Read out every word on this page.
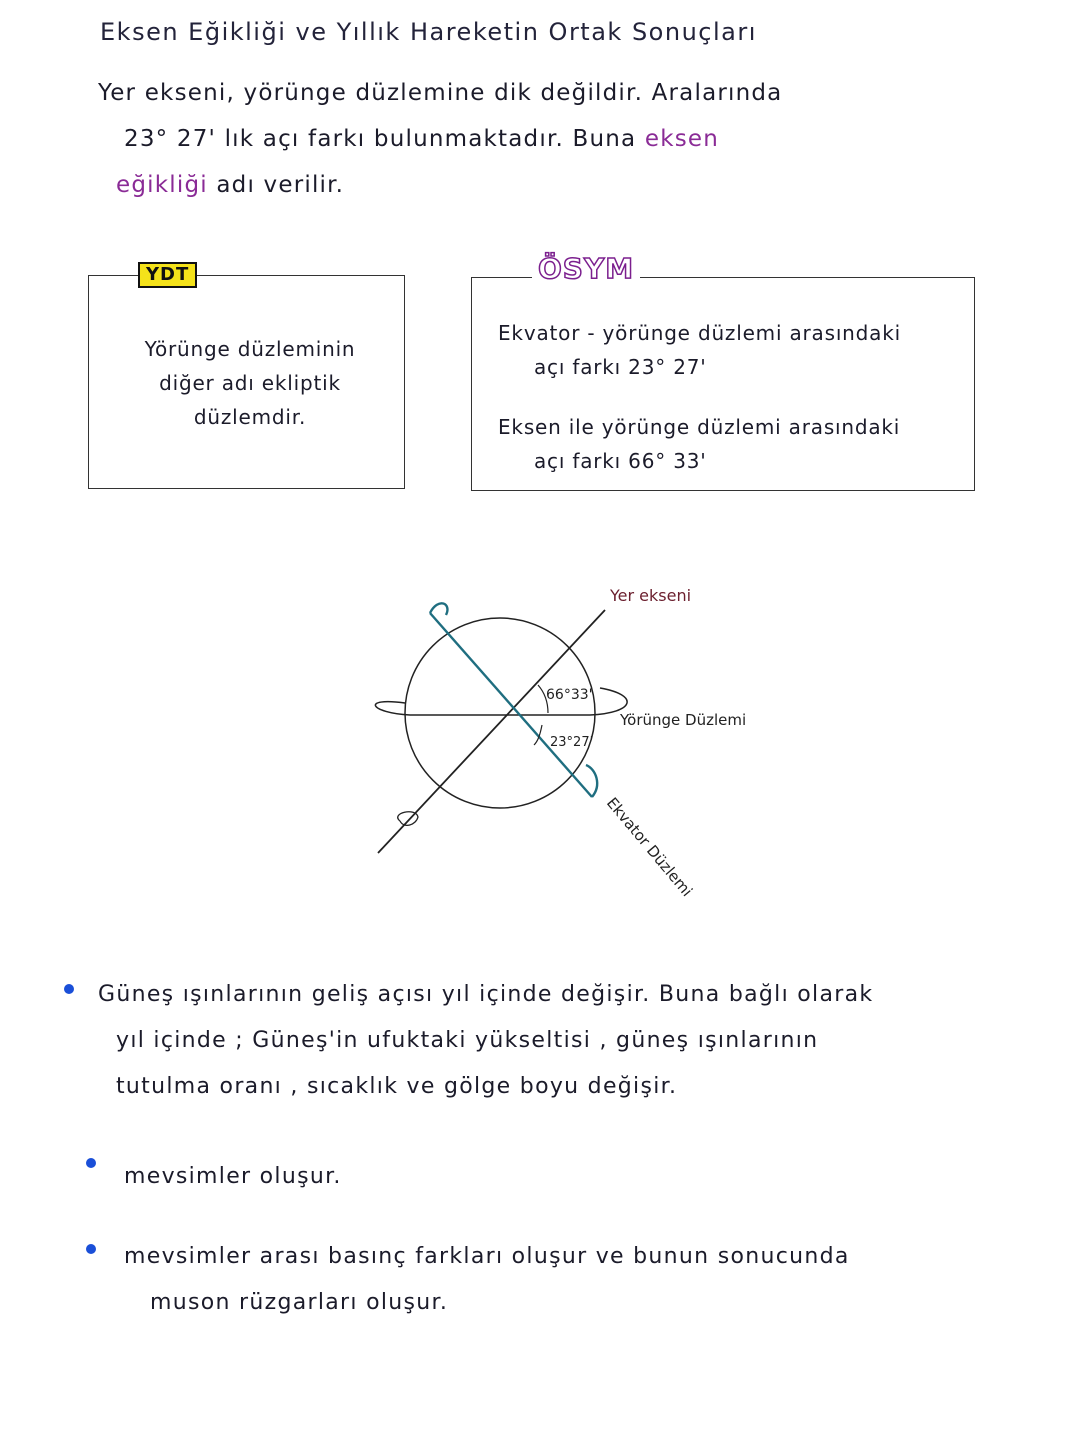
Eksen Eğikliği ve Yıllık Hareketin Ortak Sonuçları
Yer ekseni, yörünge düzlemine dik değildir. Aralarında
23° 27' lık açı farkı bulunmaktadır. Buna eksen
eğikliği adı verilir.
YDT
Yörünge düzleminin
diğer adı ekliptik
düzlemdir.
ÖSYM
Ekvator - yörünge düzlemi arasındaki
açı farkı 23° 27'
Eksen ile yörünge düzlemi arasındaki
açı farkı 66° 33'
Yer ekseni
66°33'
23°27'
Yörünge Düzlemi
Ekvator Düzlemi
Güneş ışınlarının geliş açısı yıl içinde değişir. Buna bağlı olarak
yıl içinde ; Güneş'in ufuktaki yükseltisi , güneş ışınlarının
tutulma oranı , sıcaklık ve gölge boyu değişir.
mevsimler oluşur.
mevsimler arası basınç farkları oluşur ve bunun sonucunda
muson rüzgarları oluşur.
